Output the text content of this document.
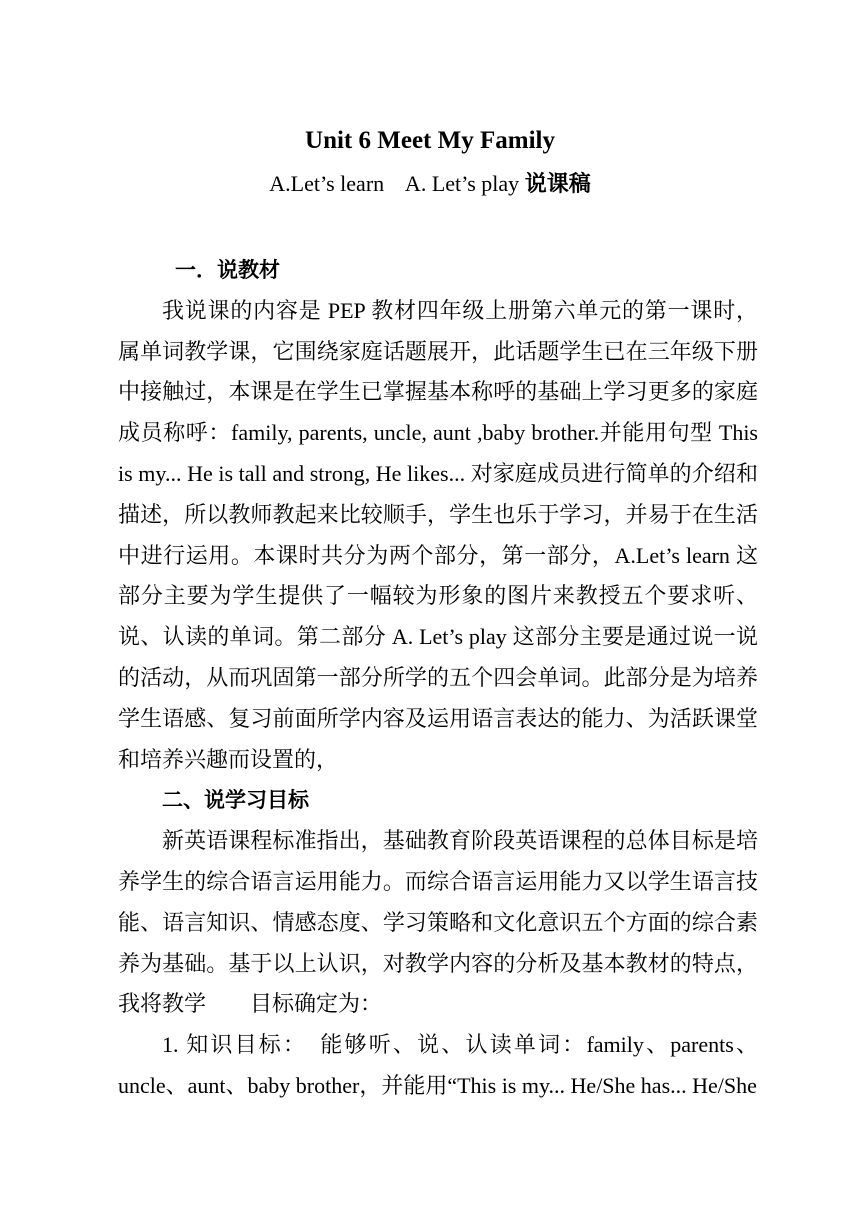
Unit 6 Meet My Family

A.Let’s learn    A. Let’s play 说课稿

一．说教材

我说课的内容是 PEP 教材四年级上册第六单元的第一课时，属单词教学课，它围绕家庭话题展开，此话题学生已在三年级下册中接触过，本课是在学生已掌握基本称呼的基础上学习更多的家庭成员称呼：family, parents, uncle, aunt ,baby brother.并能用句型 This is my... He is tall and strong, He likes... 对家庭成员进行简单的介绍和描述，所以教师教起来比较顺手，学生也乐于学习，并易于在生活中进行运用。本课时共分为两个部分，第一部分，A.Let’s learn 这部分主要为学生提供了一幅较为形象的图片来教授五个要求听、说、认读的单词。第二部分 A. Let’s play 这部分主要是通过说一说的活动，从而巩固第一部分所学的五个四会单词。此部分是为培养学生语感、复习前面所学内容及运用语言表达的能力、为活跃课堂和培养兴趣而设置的，

二、说学习目标

新英语课程标准指出，基础教育阶段英语课程的总体目标是培养学生的综合语言运用能力。而综合语言运用能力又以学生语言技能、语言知识、情感态度、学习策略和文化意识五个方面的综合素养为基础。基于以上认识，对教学内容的分析及基本教材的特点，我将教学　　目标确定为：

1. 知识目标：　能够听、说、认读单词：family、parents、uncle、aunt、baby brother，并能用“This is my... He/She has... He/She
